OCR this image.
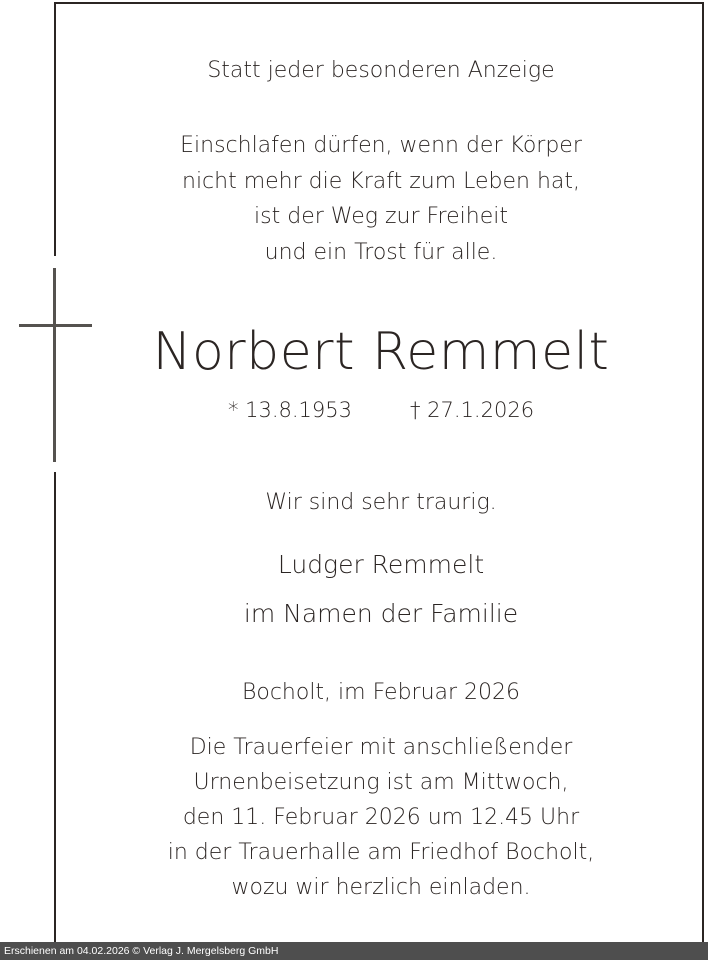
Statt jeder besonderen Anzeige
Einschlafen dürfen, wenn der Körper
nicht mehr die Kraft zum Leben hat,
ist der Weg zur Freiheit
und ein Trost für alle.
Norbert Remmelt
* 13.8.1953	† 27.1.2026
Wir sind sehr traurig.
Ludger Remmelt
im Namen der Familie
Bocholt, im Februar 2026
Die Trauerfeier mit anschließender
Urnenbeisetzung ist am Mittwoch,
den 11. Februar 2026 um 12.45 Uhr
in der Trauerhalle am Friedhof Bocholt,
wozu wir herzlich einladen.
Erschienen am 04.02.2026 © Verlag J. Mergelsberg GmbH
